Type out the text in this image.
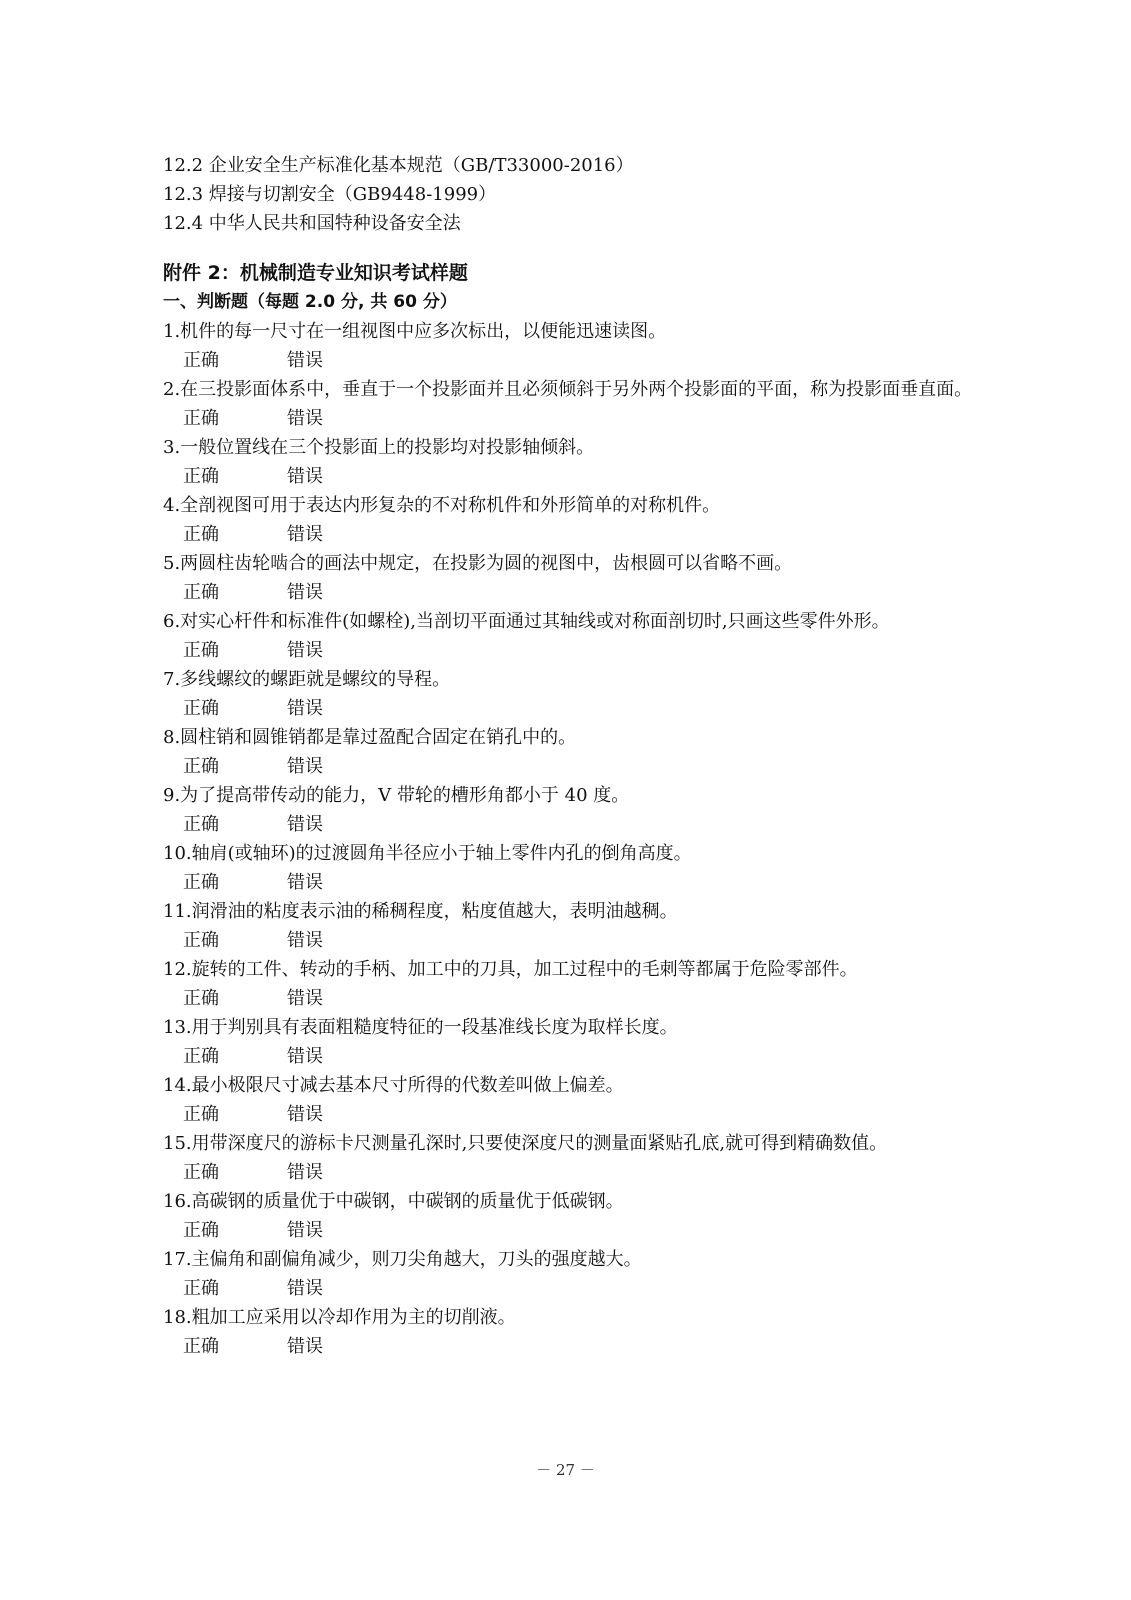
12.2 企业安全生产标准化基本规范（GB/T33000-2016）
12.3 焊接与切割安全（GB9448-1999）
12.4 中华人民共和国特种设备安全法
附件 2：机械制造专业知识考试样题
一、判断题（每题 2.0 分, 共 60 分）
1.机件的每一尺寸在一组视图中应多次标出，以便能迅速读图。
正确	错误
2.在三投影面体系中，垂直于一个投影面并且必须倾斜于另外两个投影面的平面，称为投影面垂直面。
正确	错误
3.一般位置线在三个投影面上的投影均对投影轴倾斜。
正确	错误
4.全剖视图可用于表达内形复杂的不对称机件和外形简单的对称机件。
正确	错误
5.两圆柱齿轮啮合的画法中规定，在投影为圆的视图中，齿根圆可以省略不画。
正确	错误
6.对实心杆件和标准件(如螺栓),当剖切平面通过其轴线或对称面剖切时,只画这些零件外形。
正确	错误
7.多线螺纹的螺距就是螺纹的导程。
正确	错误
8.圆柱销和圆锥销都是靠过盈配合固定在销孔中的。
正确	错误
9.为了提高带传动的能力，V 带轮的槽形角都小于 40 度。
正确	错误
10.轴肩(或轴环)的过渡圆角半径应小于轴上零件内孔的倒角高度。
正确	错误
11.润滑油的粘度表示油的稀稠程度，粘度值越大，表明油越稠。
正确	错误
12.旋转的工件、转动的手柄、加工中的刀具，加工过程中的毛刺等都属于危险零部件。
正确	错误
13.用于判别具有表面粗糙度特征的一段基准线长度为取样长度。
正确	错误
14.最小极限尺寸减去基本尺寸所得的代数差叫做上偏差。
正确	错误
15.用带深度尺的游标卡尺测量孔深时,只要使深度尺的测量面紧贴孔底,就可得到精确数值。
正确	错误
16.高碳钢的质量优于中碳钢，中碳钢的质量优于低碳钢。
正确	错误
17.主偏角和副偏角减少，则刀尖角越大，刀头的强度越大。
正确	错误
18.粗加工应采用以冷却作用为主的切削液。
正确	错误
－ 27 －
